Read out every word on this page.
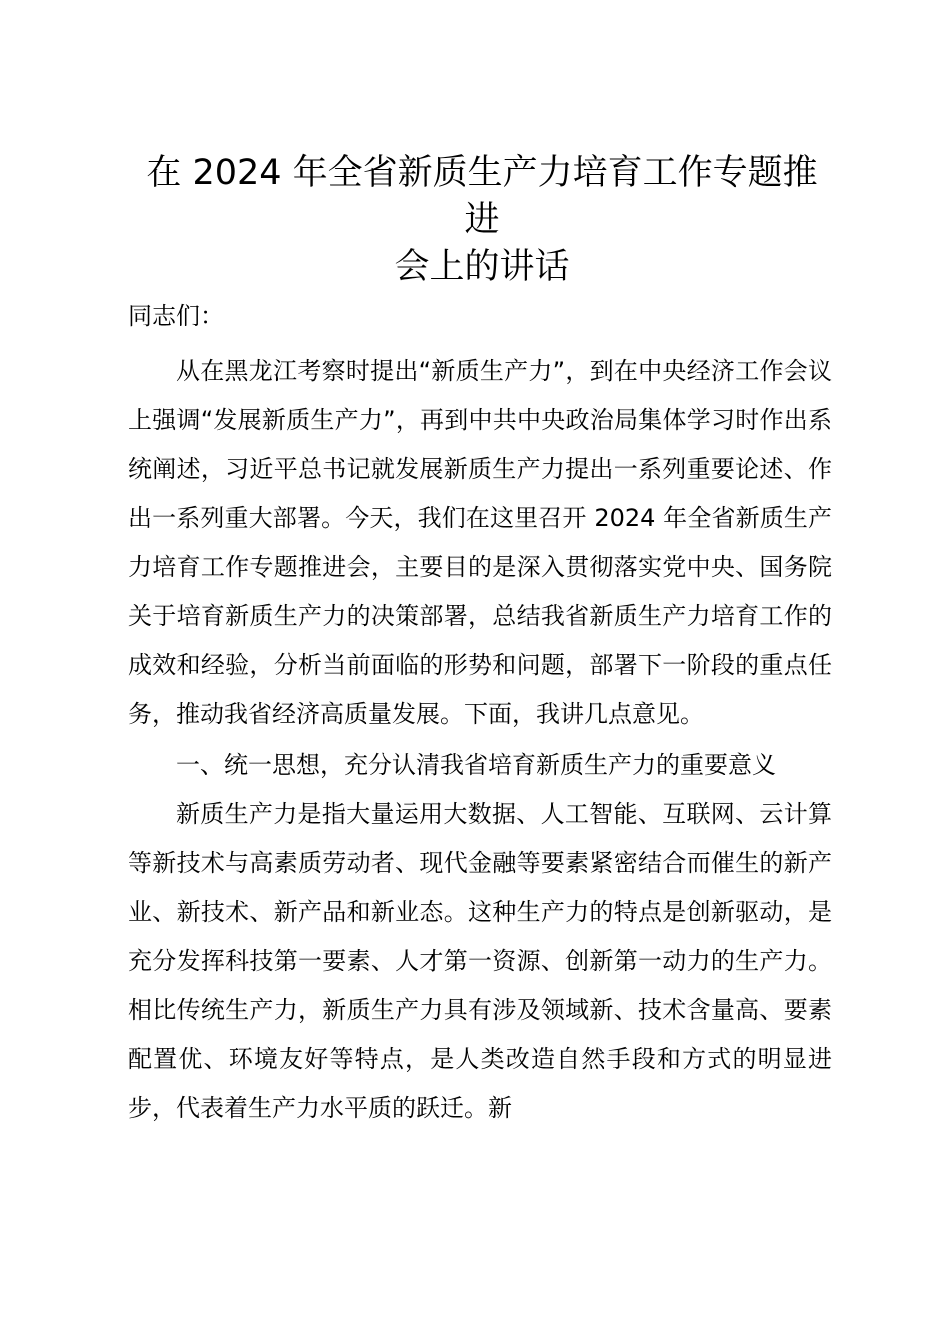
在 2024 年全省新质生产力培育工作专题推进
会上的讲话

同志们：

从在黑龙江考察时提出“新质生产力”，到在中央经济工作会议上强调“发展新质生产力”，再到中共中央政治局集体学习时作出系统阐述，习近平总书记就发展新质生产力提出一系列重要论述、作出一系列重大部署。今天，我们在这里召开 2024 年全省新质生产力培育工作专题推进会，主要目的是深入贯彻落实党中央、国务院关于培育新质生产力的决策部署，总结我省新质生产力培育工作的成效和经验，分析当前面临的形势和问题，部署下一阶段的重点任务，推动我省经济高质量发展。下面，我讲几点意见。

一、统一思想，充分认清我省培育新质生产力的重要意义

新质生产力是指大量运用大数据、人工智能、互联网、云计算等新技术与高素质劳动者、现代金融等要素紧密结合而催生的新产业、新技术、新产品和新业态。这种生产力的特点是创新驱动，是充分发挥科技第一要素、人才第一资源、创新第一动力的生产力。相比传统生产力，新质生产力具有涉及领域新、技术含量高、要素配置优、环境友好等特点，是人类改造自然手段和方式的明显进步，代表着生产力水平质的跃迁。新
